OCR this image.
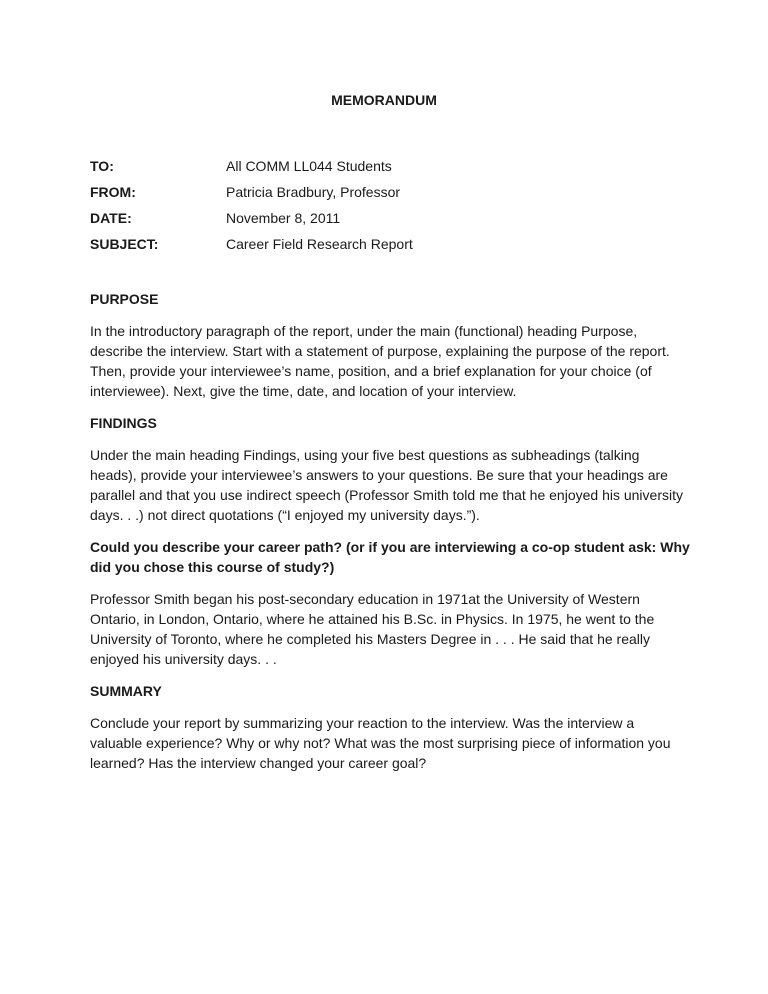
MEMORANDUM
TO:	All COMM LL044 Students
FROM:	Patricia Bradbury, Professor
DATE:	November 8, 2011
SUBJECT:	Career Field Research Report
PURPOSE

In the introductory paragraph of the report, under the main (functional) heading Purpose, describe the interview. Start with a statement of purpose, explaining the purpose of the report. Then, provide your interviewee’s name, position, and a brief explanation for your choice (of interviewee). Next, give the time, date, and location of your interview.

FINDINGS

Under the main heading Findings, using your five best questions as subheadings (talking heads), provide your interviewee’s answers to your questions. Be sure that your headings are parallel and that you use indirect speech (Professor Smith told me that he enjoyed his university days. . .) not direct quotations (“I enjoyed my university days.”).

Could you describe your career path? (or if you are interviewing a co-op student ask: Why did you chose this course of study?)

Professor Smith began his post-secondary education in 1971at the University of Western Ontario, in London, Ontario, where he attained his B.Sc. in Physics. In 1975, he went to the University of Toronto, where he completed his Masters Degree in . . . He said that he really enjoyed his university days. . .

SUMMARY

Conclude your report by summarizing your reaction to the interview. Was the interview a valuable experience? Why or why not? What was the most surprising piece of information you learned? Has the interview changed your career goal?
